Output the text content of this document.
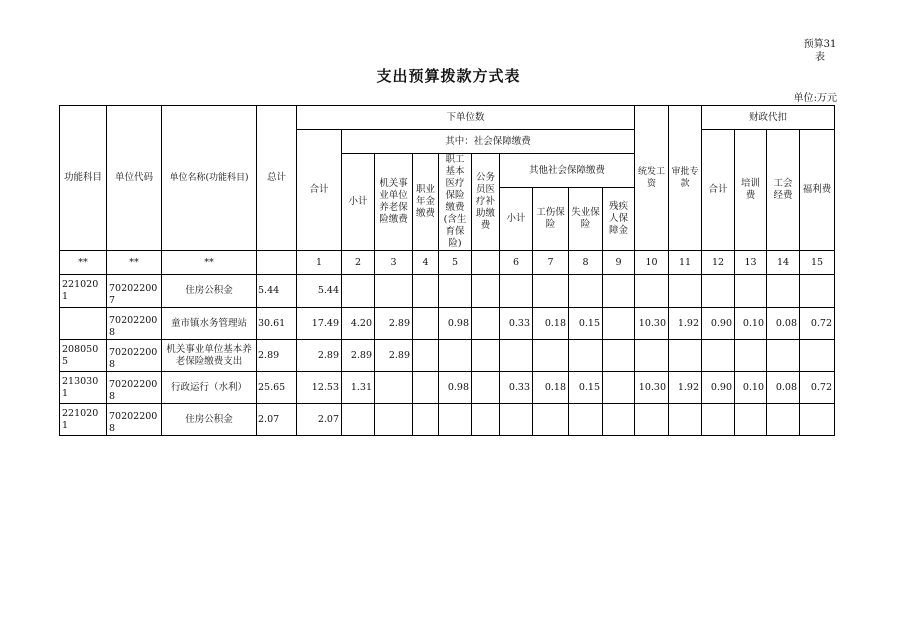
预算31
表
支出预算拨款方式表
单位:万元
功能科目	单位代码	单位名称(功能科目)	总计	下单位数										统发工资	审批专款	财政代扣			
				合计	其中：社会保障缴费											合计	培训费	工会经费	福利费
					小计	机关事业单位养老保险缴费	职业年金缴费	职工基本医疗保险缴费(含生育保险)	公务员医疗补助缴费	其他社会保障缴费									
										小计	工伤保险	失业保险	残疾人保障金						
**	**	**		1	2	3	4	5		6	7	8	9	10	11	12	13	14	15
2210201	702022007	住房公积金	5.44	5.44															
	702022008	童市镇水务管理站	30.61	17.49	4.20	2.89		0.98		0.33	0.18	0.15		10.30	1.92	0.90	0.10	0.08	0.72
2080505	702022008	机关事业单位基本养老保险缴费支出	2.89	2.89	2.89	2.89													
2130301	702022008	行政运行（水利）	25.65	12.53	1.31			0.98		0.33	0.18	0.15		10.30	1.92	0.90	0.10	0.08	0.72
2210201	702022008	住房公积金	2.07	2.07															
